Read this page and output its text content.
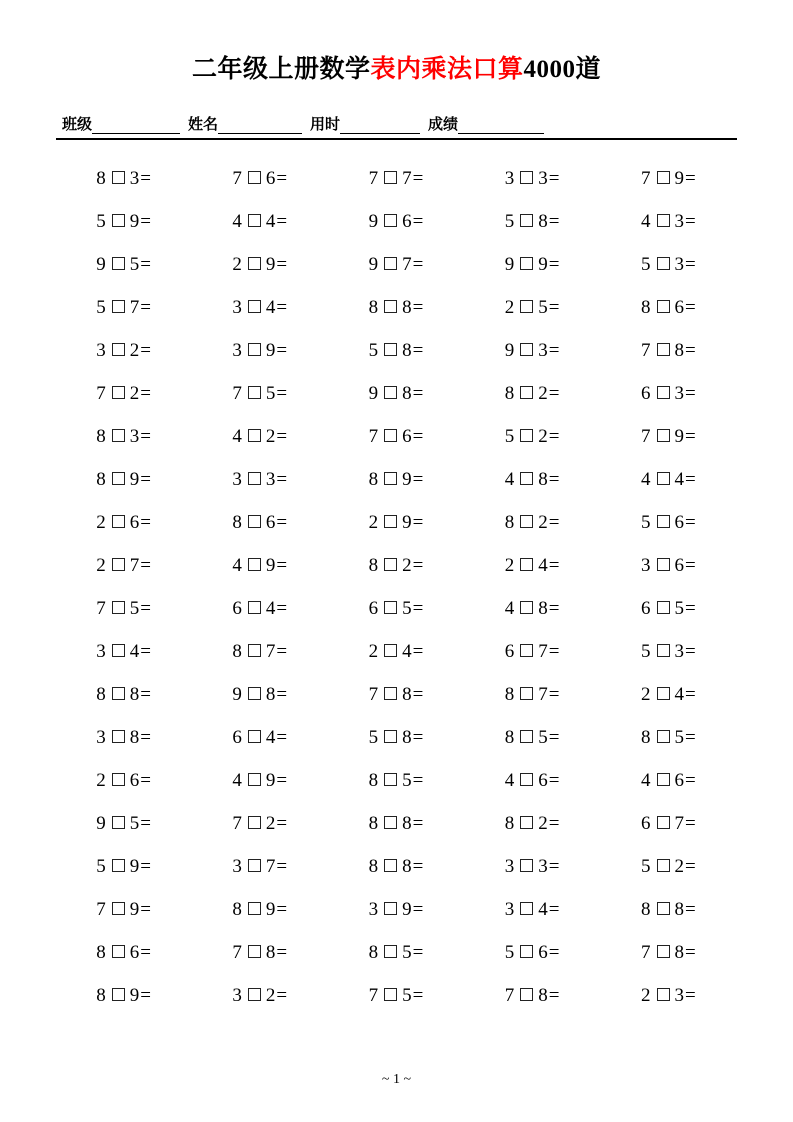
二年级上册数学表内乘法口算4000道
班级	姓名	用时	成绩
8 3=	7 6=	7 7=	3 3=	7 9=
5 9=	4 4=	9 6=	5 8=	4 3=
9 5=	2 9=	9 7=	9 9=	5 3=
5 7=	3 4=	8 8=	2 5=	8 6=
3 2=	3 9=	5 8=	9 3=	7 8=
7 2=	7 5=	9 8=	8 2=	6 3=
8 3=	4 2=	7 6=	5 2=	7 9=
8 9=	3 3=	8 9=	4 8=	4 4=
2 6=	8 6=	2 9=	8 2=	5 6=
2 7=	4 9=	8 2=	2 4=	3 6=
7 5=	6 4=	6 5=	4 8=	6 5=
3 4=	8 7=	2 4=	6 7=	5 3=
8 8=	9 8=	7 8=	8 7=	2 4=
3 8=	6 4=	5 8=	8 5=	8 5=
2 6=	4 9=	8 5=	4 6=	4 6=
9 5=	7 2=	8 8=	8 2=	6 7=
5 9=	3 7=	8 8=	3 3=	5 2=
7 9=	8 9=	3 9=	3 4=	8 8=
8 6=	7 8=	8 5=	5 6=	7 8=
8 9=	3 2=	7 5=	7 8=	2 3=
~ 1 ~
